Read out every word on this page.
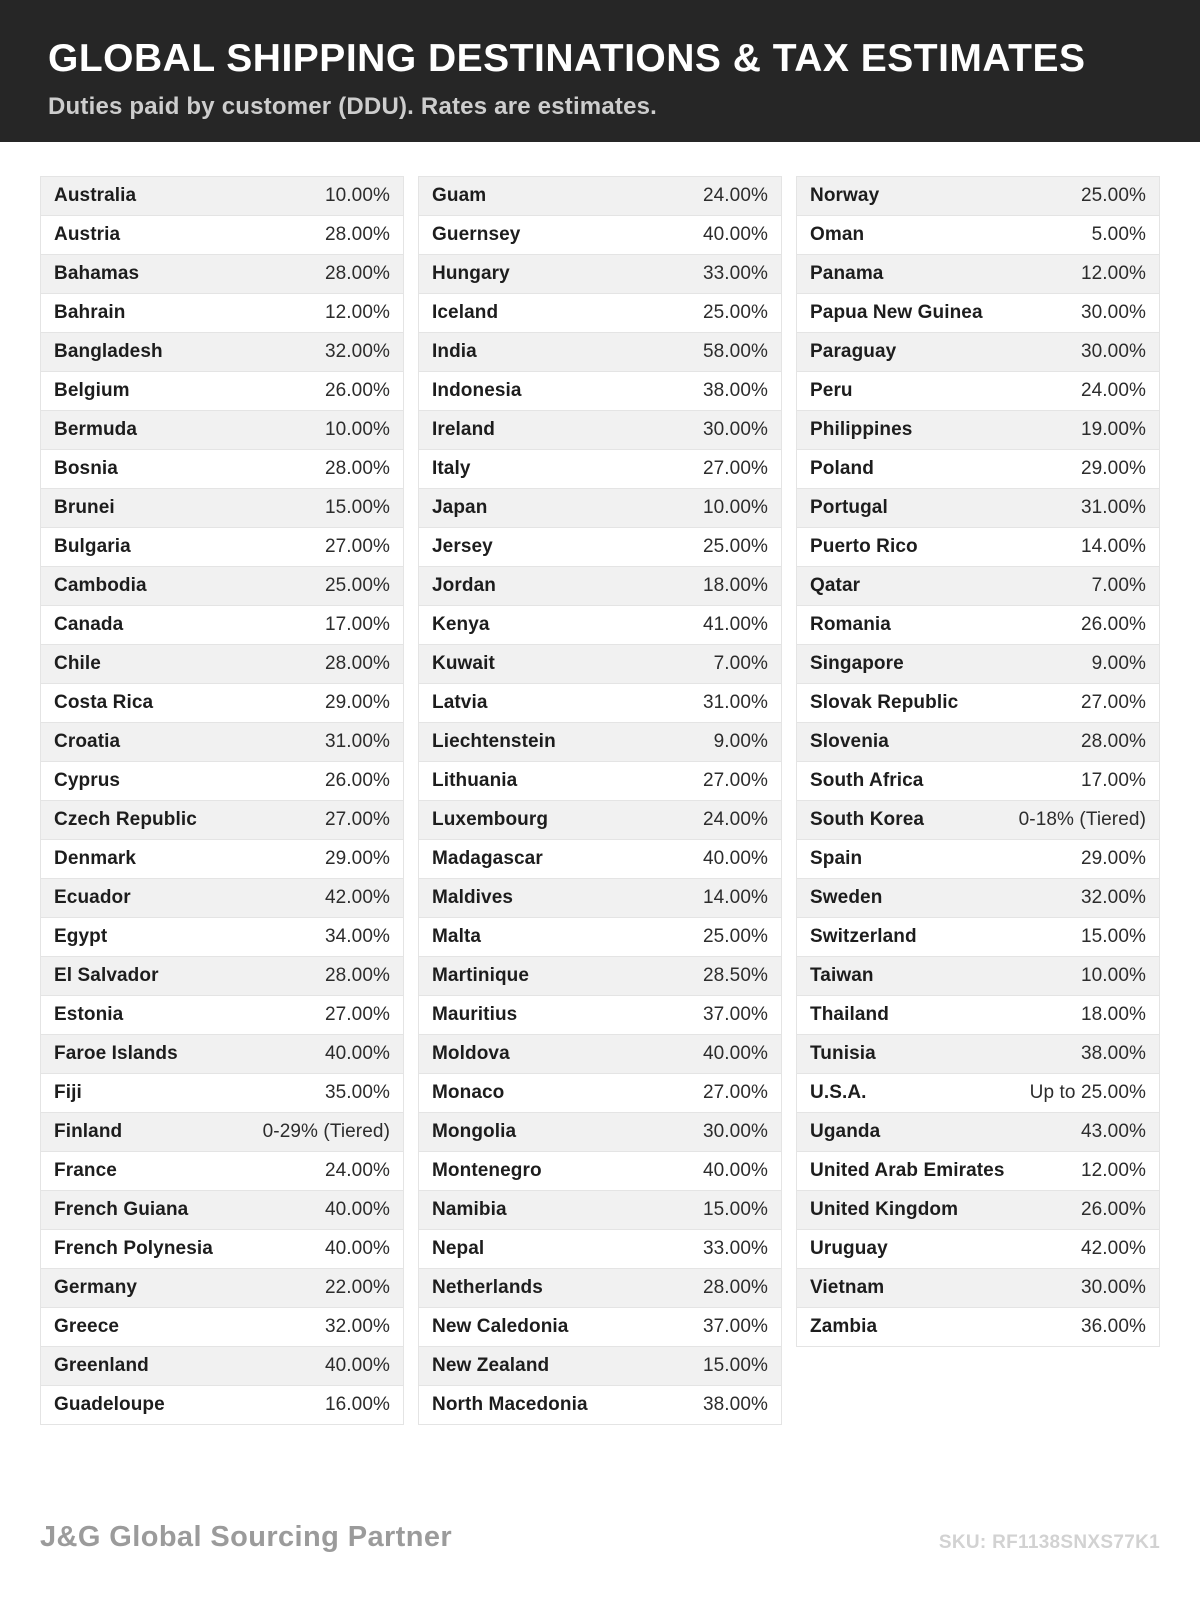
GLOBAL SHIPPING DESTINATIONS & TAX ESTIMATES
Duties paid by customer (DDU). Rates are estimates.
Australia	10.00%
Austria	28.00%
Bahamas	28.00%
Bahrain	12.00%
Bangladesh	32.00%
Belgium	26.00%
Bermuda	10.00%
Bosnia	28.00%
Brunei	15.00%
Bulgaria	27.00%
Cambodia	25.00%
Canada	17.00%
Chile	28.00%
Costa Rica	29.00%
Croatia	31.00%
Cyprus	26.00%
Czech Republic	27.00%
Denmark	29.00%
Ecuador	42.00%
Egypt	34.00%
El Salvador	28.00%
Estonia	27.00%
Faroe Islands	40.00%
Fiji	35.00%
Finland	0-29% (Tiered)
France	24.00%
French Guiana	40.00%
French Polynesia	40.00%
Germany	22.00%
Greece	32.00%
Greenland	40.00%
Guadeloupe	16.00%
Guam	24.00%
Guernsey	40.00%
Hungary	33.00%
Iceland	25.00%
India	58.00%
Indonesia	38.00%
Ireland	30.00%
Italy	27.00%
Japan	10.00%
Jersey	25.00%
Jordan	18.00%
Kenya	41.00%
Kuwait	7.00%
Latvia	31.00%
Liechtenstein	9.00%
Lithuania	27.00%
Luxembourg	24.00%
Madagascar	40.00%
Maldives	14.00%
Malta	25.00%
Martinique	28.50%
Mauritius	37.00%
Moldova	40.00%
Monaco	27.00%
Mongolia	30.00%
Montenegro	40.00%
Namibia	15.00%
Nepal	33.00%
Netherlands	28.00%
New Caledonia	37.00%
New Zealand	15.00%
North Macedonia	38.00%
Norway	25.00%
Oman	5.00%
Panama	12.00%
Papua New Guinea	30.00%
Paraguay	30.00%
Peru	24.00%
Philippines	19.00%
Poland	29.00%
Portugal	31.00%
Puerto Rico	14.00%
Qatar	7.00%
Romania	26.00%
Singapore	9.00%
Slovak Republic	27.00%
Slovenia	28.00%
South Africa	17.00%
South Korea	0-18% (Tiered)
Spain	29.00%
Sweden	32.00%
Switzerland	15.00%
Taiwan	10.00%
Thailand	18.00%
Tunisia	38.00%
U.S.A.	Up to 25.00%
Uganda	43.00%
United Arab Emirates	12.00%
United Kingdom	26.00%
Uruguay	42.00%
Vietnam	30.00%
Zambia	36.00%
J&G Global Sourcing Partner	SKU: RF1138SNXS77K1
